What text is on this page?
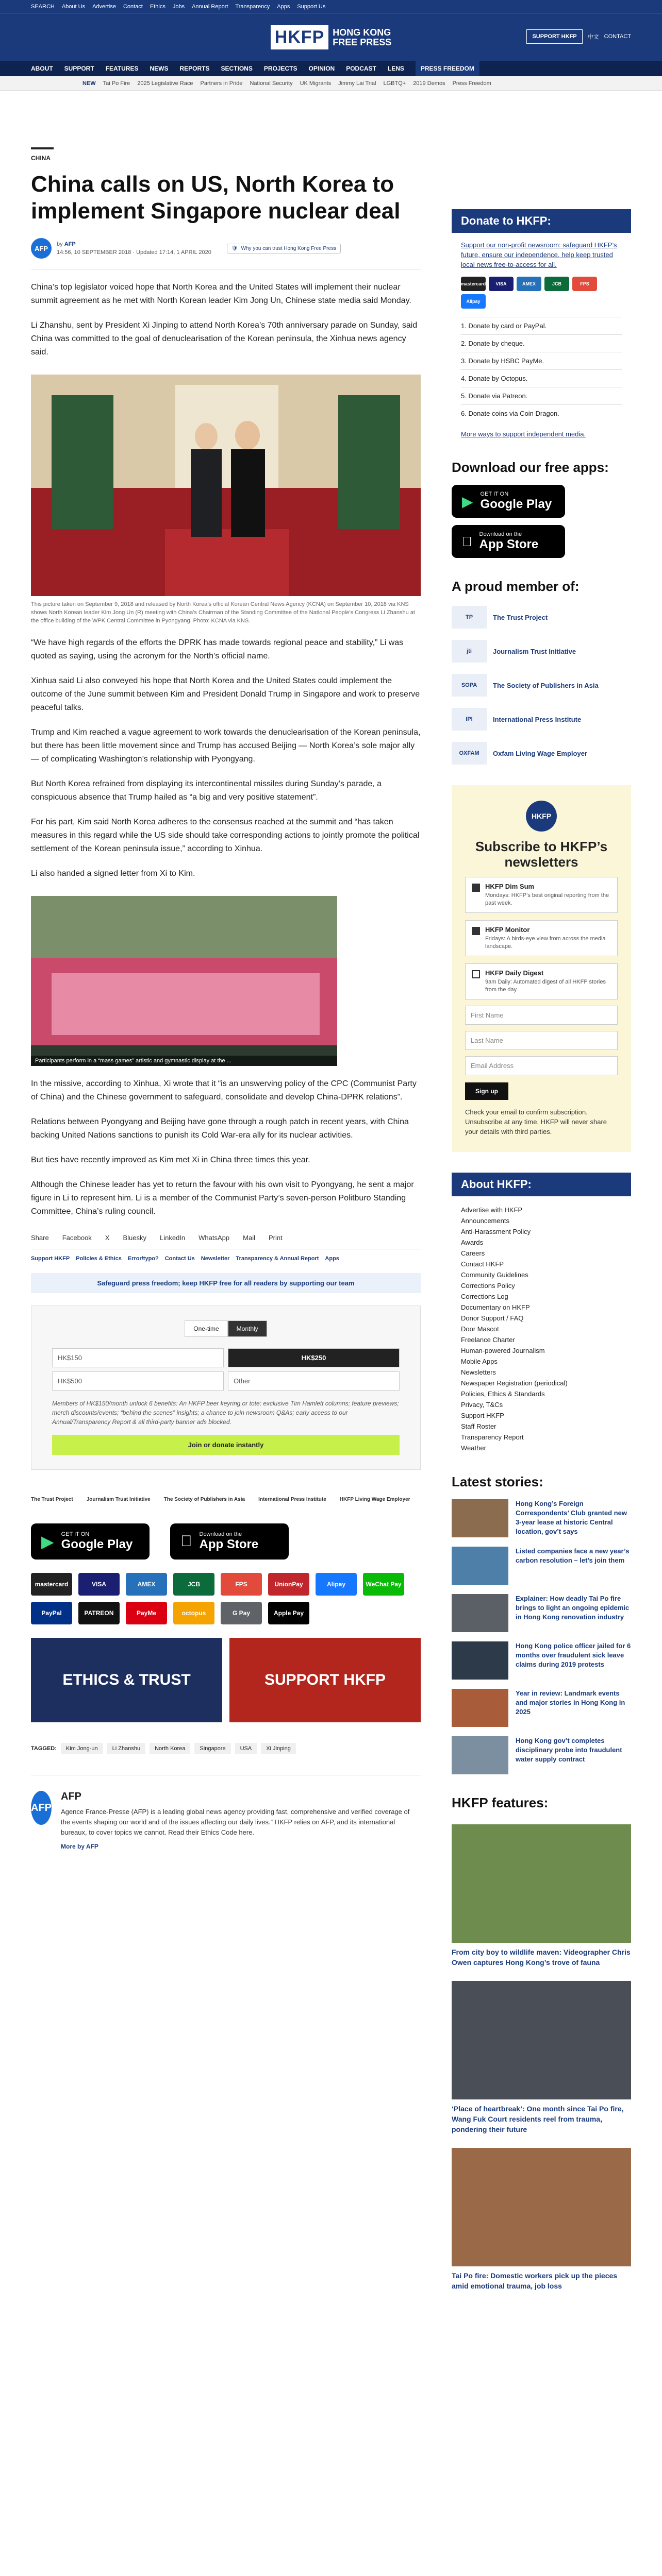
SEARCH About Us Advertise Contact Ethics Jobs Annual Report Transparency Apps Support Us
HKFP HONG KONG
FREE PRESS
SUPPORT HKFP	中文 CONTACT
ABOUT SUPPORT FEATURES NEWS REPORTS SECTIONS PROJECTS OPINION PODCAST LENS	PRESS FREEDOM
NEW Tai Po Fire 2025 Legislative Race Partners in Pride National Security UK Migrants Jimmy Lai Trial LGBTQ+ 2019 Demos Press Freedom
CHINA
China calls on US, North Korea to implement Singapore nuclear deal
AFP
by AFP
14:56, 10 SEPTEMBER 2018 · Updated 17:14, 1 APRIL 2020
🛡 Why you can trust Hong Kong Free Press

China’s top legislator voiced hope that North Korea and the United States will implement their nuclear summit agreement as he met with North Korean leader Kim Jong Un, Chinese state media said Monday.

Li Zhanshu, sent by President Xi Jinping to attend North Korea’s 70th anniversary parade on Sunday, said China was committed to the goal of denuclearisation of the Korean peninsula, the Xinhua news agency said.

This picture taken on September 9, 2018 and released by North Korea’s official Korean Central News Agency (KCNA) on September 10, 2018 via KNS shows North Korean leader Kim Jong Un (R) meeting with China’s Chairman of the Standing Committee of the National People’s Congress Li Zhanshu at the office building of the WPK Central Committee in Pyongyang. Photo: KCNA via KNS.

“We have high regards of the efforts the DPRK has made towards regional peace and stability,” Li was quoted as saying, using the acronym for the North’s official name.

Xinhua said Li also conveyed his hope that North Korea and the United States could implement the outcome of the June summit between Kim and President Donald Trump in Singapore and work to preserve peaceful talks.

Trump and Kim reached a vague agreement to work towards the denuclearisation of the Korean peninsula, but there has been little movement since and Trump has accused Beijing — North Korea’s sole major ally — of complicating Washington’s relationship with Pyongyang.

But North Korea refrained from displaying its intercontinental missiles during Sunday’s parade, a conspicuous absence that Trump hailed as “a big and very positive statement”.

For his part, Kim said North Korea adheres to the consensus reached at the summit and “has taken measures in this regard while the US side should take corresponding actions to jointly promote the political settlement of the Korean peninsula issue,” according to Xinhua.

Li also handed a signed letter from Xi to Kim.

Participants perform in a “mass games” artistic and gymnastic display at the ...

In the missive, according to Xinhua, Xi wrote that it “is an unswerving policy of the CPC (Communist Party of China) and the Chinese government to safeguard, consolidate and develop China-DPRK relations”.

Relations between Pyongyang and Beijing have gone through a rough patch in recent years, with China backing United Nations sanctions to punish its Cold War-era ally for its nuclear activities.

But ties have recently improved as Kim met Xi in China three times this year.

Although the Chinese leader has yet to return the favour with his own visit to Pyongyang, he sent a major figure in Li to represent him. Li is a member of the Communist Party’s seven-person Politburo Standing Committee, China’s ruling council.

Share Facebook X Bluesky LinkedIn WhatsApp Mail Print
Support HKFP Policies & Ethics Error/typo? Contact Us Newsletter Transparency & Annual Report Apps
Safeguard press freedom; keep HKFP free for all readers by supporting our team
One-time	Monthly
HK$150	HK$250
HK$500	Other
Members of HK$150/month unlock 6 benefits: An HKFP beer keyring or tote; exclusive Tim Hamlett columns; feature previews; merch discounts/events; “behind the scenes” insights; a chance to join newsroom Q&As; early access to our Annual/Transparency Report & all third-party banner ads blocked.
Join or donate instantly
The Trust Project	Journalism Trust Initiative	The Society of Publishers in Asia	International Press Institute	HKFP Living Wage Employer
▶ GET IT ON
Google Play
Download on the
App Store
mastercard	VISA	AMEX	JCB	FPS	UnionPay	Alipay	WeChat Pay
PayPal	PATREON	PayMe	octopus	G Pay	Apple Pay
ETHICS & TRUST	SUPPORT HKFP
TAGGED:	Kim Jong-un	Li Zhanshu	North Korea	Singapore	USA	Xi Jinping
AFP
AFP

Agence France-Presse (AFP) is a leading global news agency providing fast, comprehensive and verified coverage of the events shaping our world and of the issues affecting our daily lives.” HKFP relies on AFP, and its international bureaux, to cover topics we cannot. Read their Ethics Code here.

More by AFP
Donate to HKFP:

Support our non-profit newsroom: safeguard HKFP’s future, ensure our independence, help keep trusted local news free-to-access for all.

mastercard	VISA	AMEX	JCB	FPS
Alipay
1. Donate by card or PayPal.
2. Donate by cheque.
3. Donate by HSBC PayMe.
4. Donate by Octopus.
5. Donate via Patreon.
6. Donate coins via Coin Dragon.

More ways to support independent media.

Download our free apps:
▶ GET IT ON
Google Play
Download on the
App Store
A proud member of:
TP	The Trust Project
jti	Journalism Trust Initiative
SOPA	The Society of Publishers in Asia
IPI	International Press Institute
OXFAM	Oxfam Living Wage Employer
HKFP
Subscribe to HKFP’s newsletters
HKFP Dim Sum
Mondays: HKFP’s best original reporting from the past week.
HKFP Monitor
Fridays: A birds-eye view from across the media landscape.
HKFP Daily Digest
9am Daily: Automated digest of all HKFP stories from the day.
First Name
Last Name
Email Address
Sign up

Check your email to confirm subscription. Unsubscribe at any time. HKFP will never share your details with third parties.

About HKFP:
Advertise with HKFP
Announcements
Anti-Harassment Policy
Awards
Careers
Contact HKFP
Community Guidelines
Corrections Policy
Corrections Log
Documentary on HKFP
Donor Support / FAQ
Door Mascot
Freelance Charter
Human-powered Journalism
Mobile Apps
Newsletters
Newspaper Registration (periodical)
Policies, Ethics & Standards
Privacy, T&Cs
Support HKFP
Staff Roster
Transparency Report
Weather
Latest stories:
Hong Kong’s Foreign Correspondents’ Club granted new 3-year lease at historic Central location, gov’t says
Listed companies face a new year’s carbon resolution – let’s join them
Explainer: How deadly Tai Po fire brings to light an ongoing epidemic in Hong Kong renovation industry
Hong Kong police officer jailed for 6 months over fraudulent sick leave claims during 2019 protests
Year in review: Landmark events and major stories in Hong Kong in 2025
Hong Kong gov’t completes disciplinary probe into fraudulent water supply contract
HKFP features:
From city boy to wildlife maven: Videographer Chris Owen captures Hong Kong’s trove of fauna
‘Place of heartbreak’: One month since Tai Po fire, Wang Fuk Court residents reel from trauma, pondering their future
Tai Po fire: Domestic workers pick up the pieces amid emotional trauma, job loss
